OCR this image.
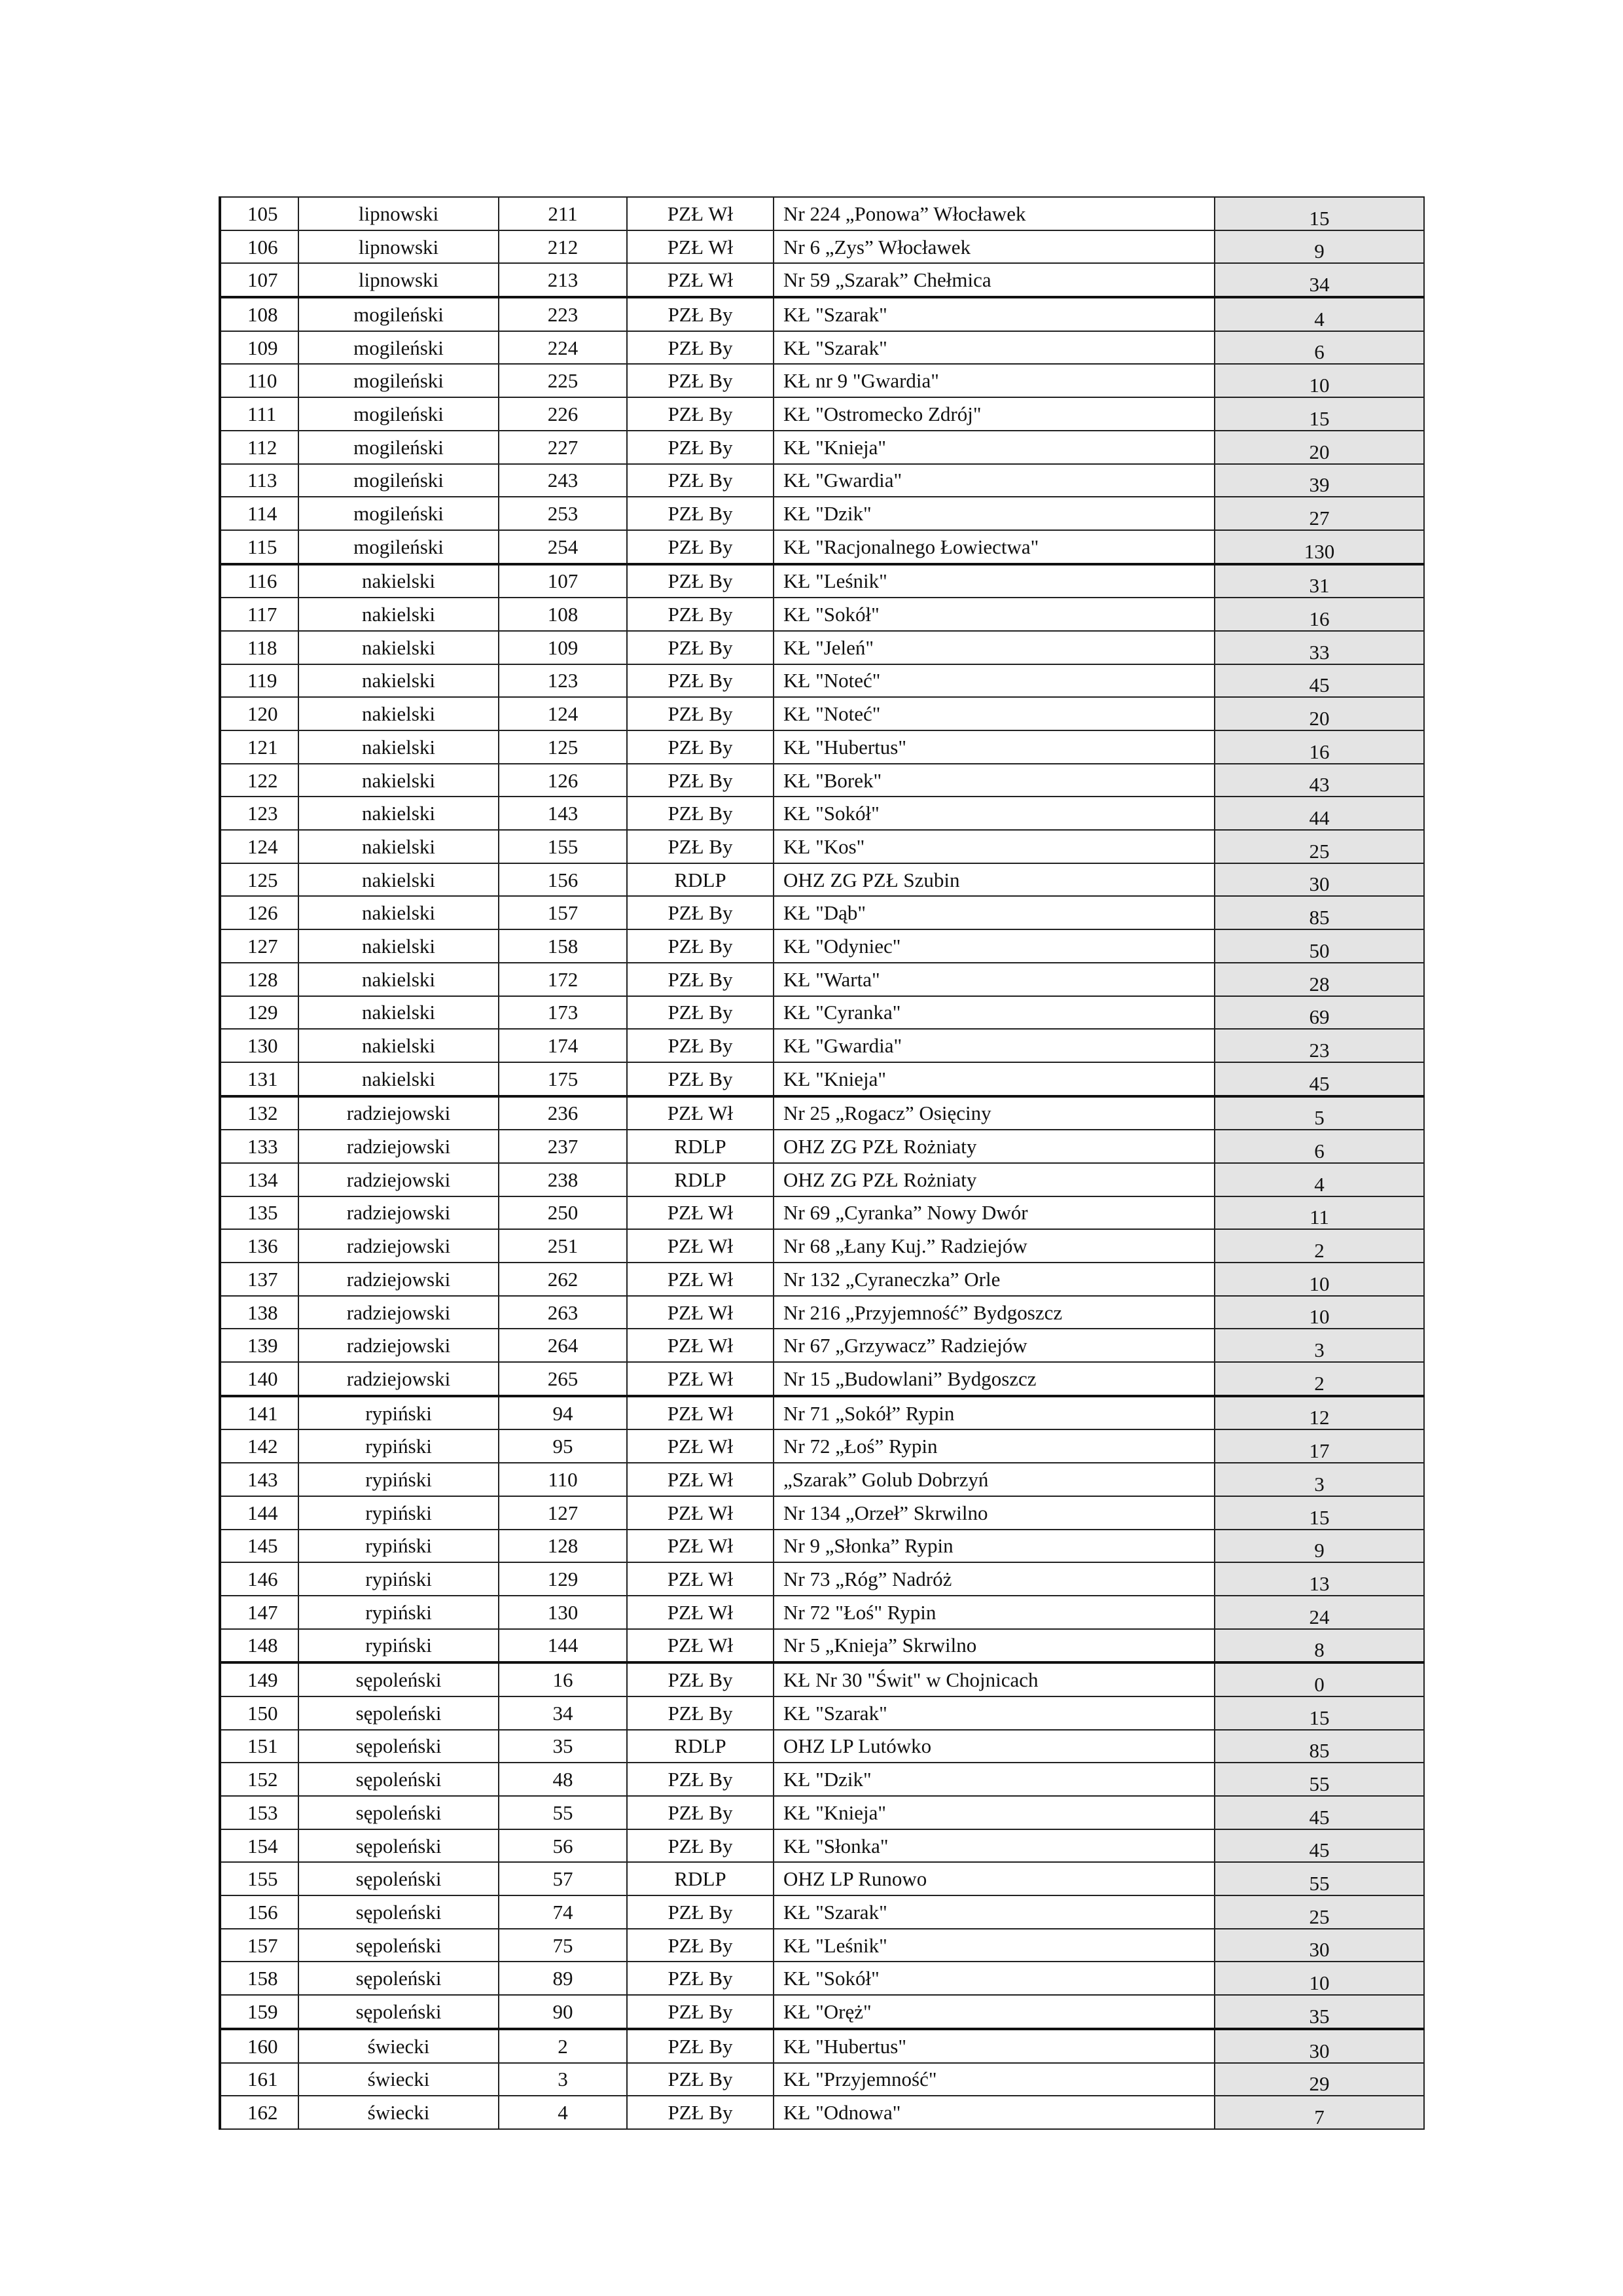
105	lipnowski	211	PZŁ Wł	Nr 224 „Ponowa” Włocławek	15
106	lipnowski	212	PZŁ Wł	Nr 6 „Zys” Włocławek	9
107	lipnowski	213	PZŁ Wł	Nr 59 „Szarak” Chełmica	34
108	mogileński	223	PZŁ By	KŁ "Szarak"	4
109	mogileński	224	PZŁ By	KŁ "Szarak"	6
110	mogileński	225	PZŁ By	KŁ nr 9 "Gwardia"	10
111	mogileński	226	PZŁ By	KŁ "Ostromecko Zdrój"	15
112	mogileński	227	PZŁ By	KŁ "Knieja"	20
113	mogileński	243	PZŁ By	KŁ "Gwardia"	39
114	mogileński	253	PZŁ By	KŁ "Dzik"	27
115	mogileński	254	PZŁ By	KŁ "Racjonalnego Łowiectwa"	130
116	nakielski	107	PZŁ By	KŁ "Leśnik"	31
117	nakielski	108	PZŁ By	KŁ "Sokół"	16
118	nakielski	109	PZŁ By	KŁ "Jeleń"	33
119	nakielski	123	PZŁ By	KŁ "Noteć"	45
120	nakielski	124	PZŁ By	KŁ "Noteć"	20
121	nakielski	125	PZŁ By	KŁ "Hubertus"	16
122	nakielski	126	PZŁ By	KŁ "Borek"	43
123	nakielski	143	PZŁ By	KŁ "Sokół"	44
124	nakielski	155	PZŁ By	KŁ "Kos"	25
125	nakielski	156	RDLP	OHZ ZG PZŁ Szubin	30
126	nakielski	157	PZŁ By	KŁ "Dąb"	85
127	nakielski	158	PZŁ By	KŁ "Odyniec"	50
128	nakielski	172	PZŁ By	KŁ "Warta"	28
129	nakielski	173	PZŁ By	KŁ "Cyranka"	69
130	nakielski	174	PZŁ By	KŁ "Gwardia"	23
131	nakielski	175	PZŁ By	KŁ "Knieja"	45
132	radziejowski	236	PZŁ Wł	Nr 25 „Rogacz” Osięciny	5
133	radziejowski	237	RDLP	OHZ ZG PZŁ Rożniaty	6
134	radziejowski	238	RDLP	OHZ ZG PZŁ Rożniaty	4
135	radziejowski	250	PZŁ Wł	Nr 69 „Cyranka” Nowy Dwór	11
136	radziejowski	251	PZŁ Wł	Nr 68 „Łany Kuj.” Radziejów	2
137	radziejowski	262	PZŁ Wł	Nr 132 „Cyraneczka” Orle	10
138	radziejowski	263	PZŁ Wł	Nr 216 „Przyjemność” Bydgoszcz	10
139	radziejowski	264	PZŁ Wł	Nr 67 „Grzywacz” Radziejów	3
140	radziejowski	265	PZŁ Wł	Nr 15 „Budowlani” Bydgoszcz	2
141	rypiński	94	PZŁ Wł	Nr 71 „Sokół” Rypin	12
142	rypiński	95	PZŁ Wł	Nr 72 „Łoś” Rypin	17
143	rypiński	110	PZŁ Wł	„Szarak” Golub Dobrzyń	3
144	rypiński	127	PZŁ Wł	Nr 134 „Orzeł” Skrwilno	15
145	rypiński	128	PZŁ Wł	Nr 9 „Słonka” Rypin	9
146	rypiński	129	PZŁ Wł	Nr 73 „Róg” Nadróż	13
147	rypiński	130	PZŁ Wł	Nr 72 "Łoś" Rypin	24
148	rypiński	144	PZŁ Wł	Nr 5 „Knieja” Skrwilno	8
149	sępoleński	16	PZŁ By	KŁ Nr 30 "Świt" w Chojnicach	0
150	sępoleński	34	PZŁ By	KŁ "Szarak"	15
151	sępoleński	35	RDLP	OHZ LP Lutówko	85
152	sępoleński	48	PZŁ By	KŁ "Dzik"	55
153	sępoleński	55	PZŁ By	KŁ "Knieja"	45
154	sępoleński	56	PZŁ By	KŁ "Słonka"	45
155	sępoleński	57	RDLP	OHZ LP Runowo	55
156	sępoleński	74	PZŁ By	KŁ "Szarak"	25
157	sępoleński	75	PZŁ By	KŁ "Leśnik"	30
158	sępoleński	89	PZŁ By	KŁ "Sokół"	10
159	sępoleński	90	PZŁ By	KŁ "Oręż"	35
160	świecki	2	PZŁ By	KŁ "Hubertus"	30
161	świecki	3	PZŁ By	KŁ "Przyjemność"	29
162	świecki	4	PZŁ By	KŁ "Odnowa"	7
